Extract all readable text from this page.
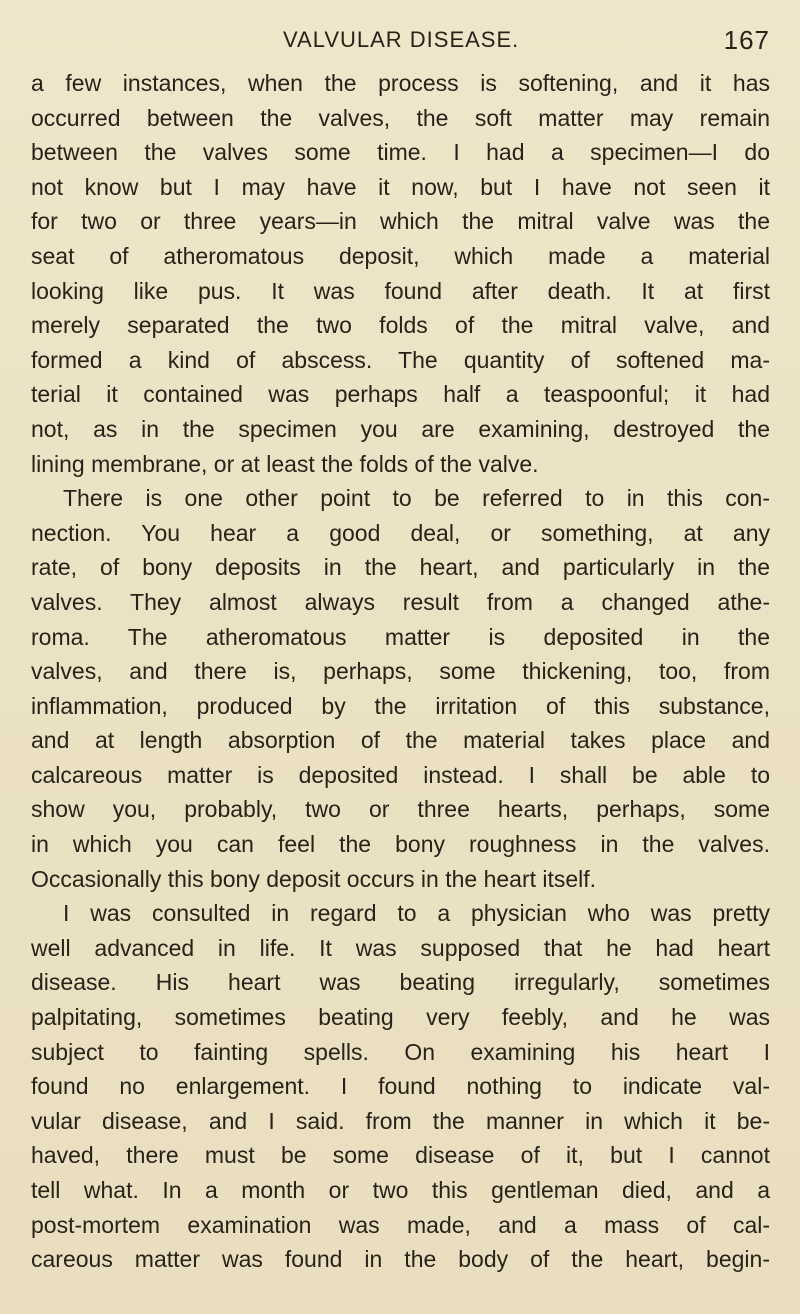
VALVULAR DISEASE.	167
a few instances, when the process is softening, and it has
occurred between the valves, the soft matter may remain
between the valves some time. I had a specimen—I do
not know but I may have it now, but I have not seen it
for two or three years—in which the mitral valve was the
seat of atheromatous deposit, which made a material
looking like pus. It was found after death. It at first
merely separated the two folds of the mitral valve, and
formed a kind of abscess. The quantity of softened ma-
terial it contained was perhaps half a teaspoonful; it had
not, as in the specimen you are examining, destroyed the
lining membrane, or at least the folds of the valve.
There is one other point to be referred to in this con-
nection. You hear a good deal, or something, at any
rate, of bony deposits in the heart, and particularly in the
valves. They almost always result from a changed athe-
roma. The atheromatous matter is deposited in the
valves, and there is, perhaps, some thickening, too, from
inflammation, produced by the irritation of this substance,
and at length absorption of the material takes place and
calcareous matter is deposited instead. I shall be able to
show you, probably, two or three hearts, perhaps, some
in which you can feel the bony roughness in the valves.
Occasionally this bony deposit occurs in the heart itself.
I was consulted in regard to a physician who was pretty
well advanced in life. It was supposed that he had heart
disease. His heart was beating irregularly, sometimes
palpitating, sometimes beating very feebly, and he was
subject to fainting spells. On examining his heart I
found no enlargement. I found nothing to indicate val-
vular disease, and I said. from the manner in which it be-
haved, there must be some disease of it, but I cannot
tell what. In a month or two this gentleman died, and a
post-mortem examination was made, and a mass of cal-
careous matter was found in the body of the heart, begin-
